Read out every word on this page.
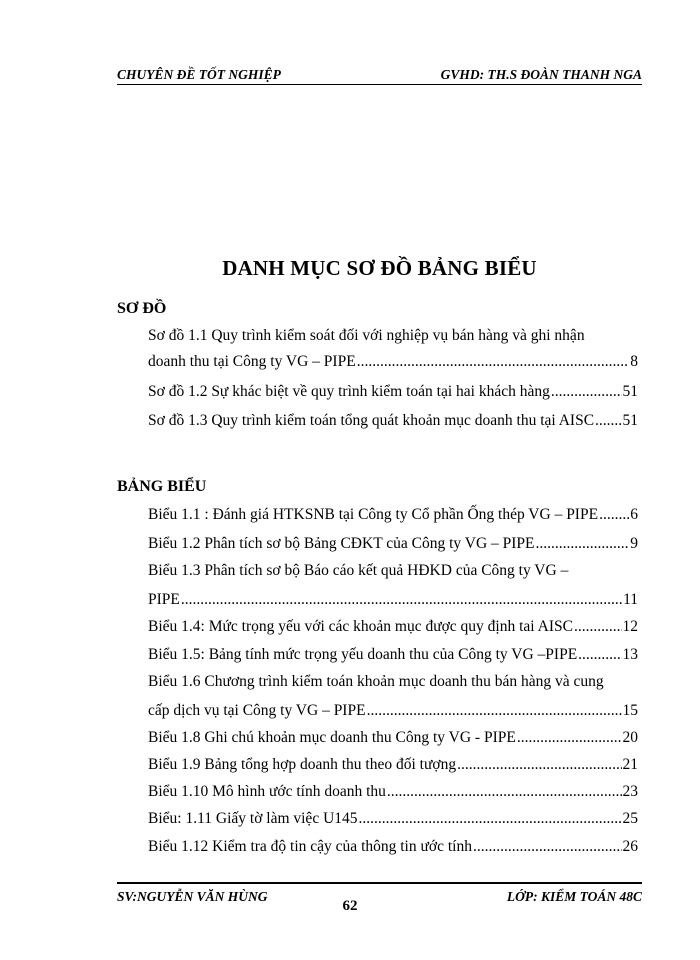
CHUYÊN ĐỀ TỐT NGHIỆP	GVHD: TH.S ĐOÀN THANH NGA
DANH MỤC SƠ ĐỒ BẢNG BIỂU
SƠ ĐỒ
Sơ đồ 1.1 Quy trình kiểm soát đối với nghiệp vụ bán hàng và ghi nhận
doanh thu tại Công ty VG – PIPE .....	8
Sơ đồ 1.2 Sự khác biệt về quy trình kiểm toán tại hai khách hàng .....	51
Sơ đồ 1.3 Quy trình kiểm toán tổng quát khoản mục doanh thu tại AISC ..... 51
BẢNG BIỂU
Biểu 1.1 : Đánh giá HTKSNB tại Công ty Cổ phần Ống thép VG – PIPE ..... 6
Biểu 1.2 Phân tích sơ bộ Bảng CĐKT của Công ty VG – PIPE .....	9
Biểu 1.3 Phân tích sơ bộ Báo cáo kết quả HĐKD của Công ty VG –
PIPE .....	11
Biểu 1.4: Mức trọng yếu với các khoản mục được quy định tai AISC .....	12
Biểu 1.5: Bảng tính mức trọng yếu doanh thu của Công ty VG –PIPE .....	13
Biểu 1.6 Chương trình kiểm toán khoản mục doanh thu bán hàng và cung
cấp dịch vụ tại Công ty VG – PIPE .....	15
Biểu 1.8 Ghi chú khoản mục doanh thu Công ty VG - PIPE .....	20
Biểu 1.9 Bảng tổng hợp doanh thu theo đối tượng .....	21
Biểu 1.10 Mô hình ước tính doanh thu .....	23
Biểu: 1.11 Giấy tờ làm việc U145 .....	25
Biểu 1.12 Kiểm tra độ tin cậy của thông tin ước tính .....	26
SV:NGUYỄN VĂN HÙNG	LỚP: KIỂM TOÁN 48C
62
